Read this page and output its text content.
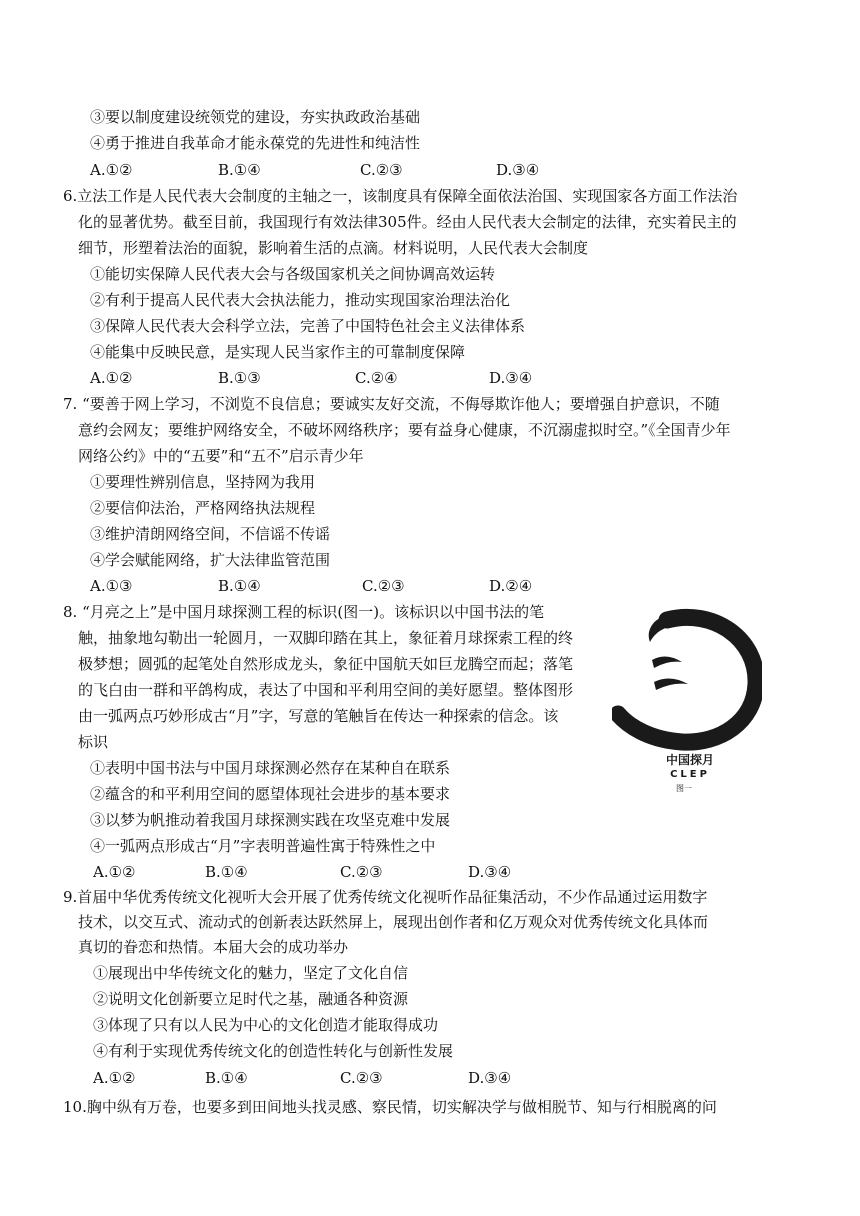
③要以制度建设统领党的建设，夯实执政政治基础
④勇于推进自我革命才能永葆党的先进性和纯洁性
A.①②	B.①④	C.②③	D.③④
6.立法工作是人民代表大会制度的主轴之一，该制度具有保障全面依法治国、实现国家各方面工作法治
化的显著优势。截至目前，我国现行有效法律305件。经由人民代表大会制定的法律，充实着民主的
细节，形塑着法治的面貌，影响着生活的点滴。材料说明，人民代表大会制度
①能切实保障人民代表大会与各级国家机关之间协调高效运转
②有利于提高人民代表大会执法能力，推动实现国家治理法治化
③保障人民代表大会科学立法，完善了中国特色社会主义法律体系
④能集中反映民意，是实现人民当家作主的可靠制度保障
A.①②	B.①③	C.②④	D.③④
7. “要善于网上学习，不浏览不良信息；要诚实友好交流，不侮辱欺诈他人；要增强自护意识，不随
意约会网友；要维护网络安全，不破坏网络秩序；要有益身心健康，不沉溺虚拟时空。”《全国青少年
网络公约》中的“五要”和“五不”启示青少年
①要理性辨别信息，坚持网为我用
②要信仰法治，严格网络执法规程
③维护清朗网络空间，不信谣不传谣
④学会赋能网络，扩大法律监管范围
A.①③	B.①④	C.②③	D.②④
8. “月亮之上”是中国月球探测工程的标识(图一)。该标识以中国书法的笔
触，抽象地勾勒出一轮圆月，一双脚印踏在其上，象征着月球探索工程的终
极梦想；圆弧的起笔处自然形成龙头，象征中国航天如巨龙腾空而起；落笔
的飞白由一群和平鸽构成，表达了中国和平利用空间的美好愿望。整体图形
由一弧两点巧妙形成古“月”字，写意的笔触旨在传达一种探索的信念。该
标识
①表明中国书法与中国月球探测必然存在某种自在联系
②蕴含的和平利用空间的愿望体现社会进步的基本要求
③以梦为帆推动着我国月球探测实践在攻坚克难中发展
④一弧两点形成古“月”字表明普遍性寓于特殊性之中
A.①②	B.①④	C.②③	D.③④
中国探月
CLEP
图一
9.首届中华优秀传统文化视听大会开展了优秀传统文化视听作品征集活动，不少作品通过运用数字
技术，以交互式、流动式的创新表达跃然屏上，展现出创作者和亿万观众对优秀传统文化具体而
真切的眷恋和热情。本届大会的成功举办
①展现出中华传统文化的魅力，坚定了文化自信
②说明文化创新要立足时代之基，融通各种资源
③体现了只有以人民为中心的文化创造才能取得成功
④有利于实现优秀传统文化的创造性转化与创新性发展
A.①②	B.①④	C.②③	D.③④
10.胸中纵有万卷，也要多到田间地头找灵感、察民情，切实解决学与做相脱节、知与行相脱离的问
